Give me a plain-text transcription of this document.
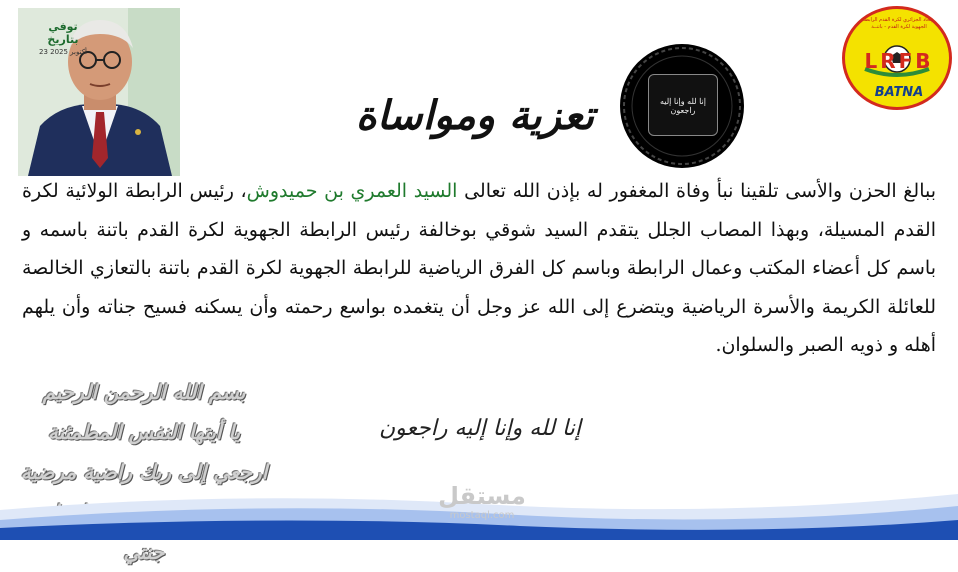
توفي بتاريخ
23 أكتوبر 2025
الإتحاد الجزائري لكرة القدم الرابطة الجهوية لكرة القدم - باتنــة
LRFB
BATNA
إنا لله وإنا إليه راجعون
تعزية ومواساة
بسم الله الرحمن الرحيم
يا أيتها النفس المطمئنة
ارجعي إلى ربك راضية مرضية
جنتي
ببالغ الحزن والأسى تلقينا نبأ وفاة المغفور له بإذن الله تعالى السيد العمري بن حميدوش، رئيس الرابطة الولائية لكرة القدم المسيلة، وبهذا المصاب الجلل يتقدم السيد شوقي بوخالفة رئيس الرابطة الجهوية لكرة القدم باتنة باسمه و باسم كل أعضاء المكتب وعمال الرابطة وباسم كل الفرق الرياضية للرابطة الجهوية لكرة القدم باتنة بالتعازي الخالصة للعائلة الكريمة والأسرة الرياضية ويتضرع إلى الله عز وجل أن يتغمده بواسع رحمته وأن يسكنه فسيح جناته وأن يلهم أهله و ذويه الصبر والسلوان.
إنا لله وإنا إليه راجعون
مستقل
mostaql.com
